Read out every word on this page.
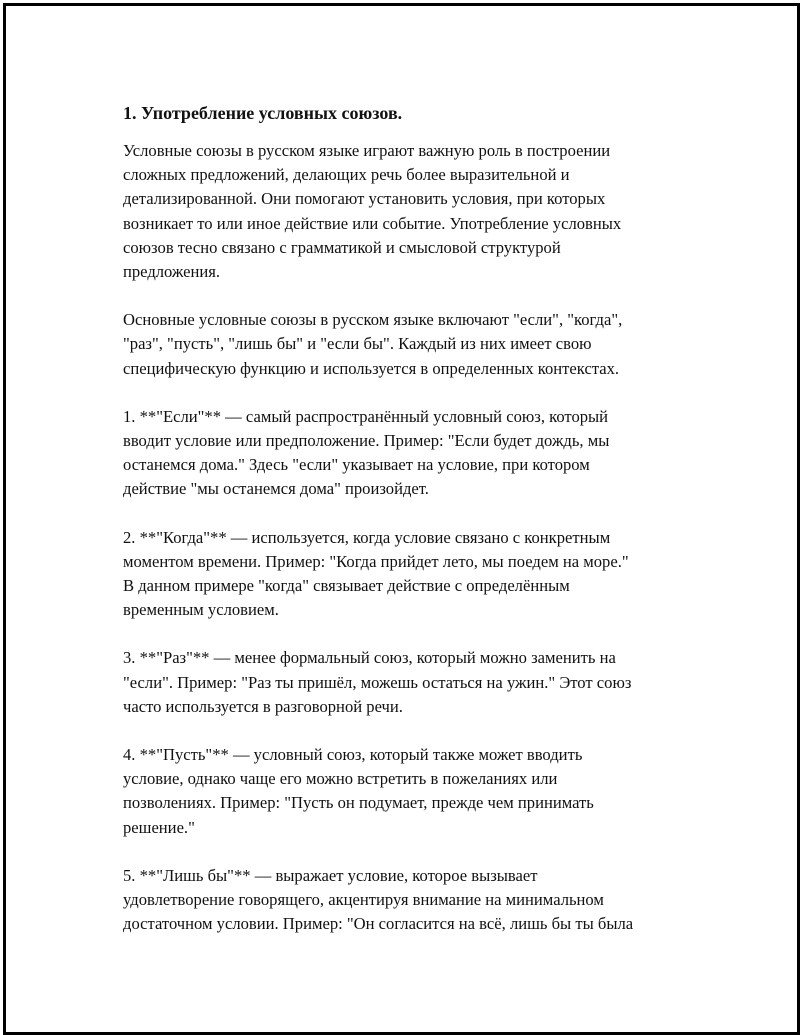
1. Употребление условных союзов.

Условные союзы в русском языке играют важную роль в построении
сложных предложений, делающих речь более выразительной и
детализированной. Они помогают установить условия, при которых
возникает то или иное действие или событие. Употребление условных
союзов тесно связано с грамматикой и смысловой структурой
предложения.

Основные условные союзы в русском языке включают "если", "когда",
"раз", "пусть", "лишь бы" и "если бы". Каждый из них имеет свою
специфическую функцию и используется в определенных контекстах.

1. **"Если"** — самый распространённый условный союз, который
вводит условие или предположение. Пример: "Если будет дождь, мы
останемся дома." Здесь "если" указывает на условие, при котором
действие "мы останемся дома" произойдет.

2. **"Когда"** — используется, когда условие связано с конкретным
моментом времени. Пример: "Когда прийдет лето, мы поедем на море."
В данном примере "когда" связывает действие с определённым
временным условием.

3. **"Раз"** — менее формальный союз, который можно заменить на
"если". Пример: "Раз ты пришёл, можешь остаться на ужин." Этот союз
часто используется в разговорной речи.

4. **"Пусть"** — условный союз, который также может вводить
условие, однако чаще его можно встретить в пожеланиях или
позволениях. Пример: "Пусть он подумает, прежде чем принимать
решение."

5. **"Лишь бы"** — выражает условие, которое вызывает
удовлетворение говорящего, акцентируя внимание на минимальном
достаточном условии. Пример: "Он согласится на всё, лишь бы ты была
